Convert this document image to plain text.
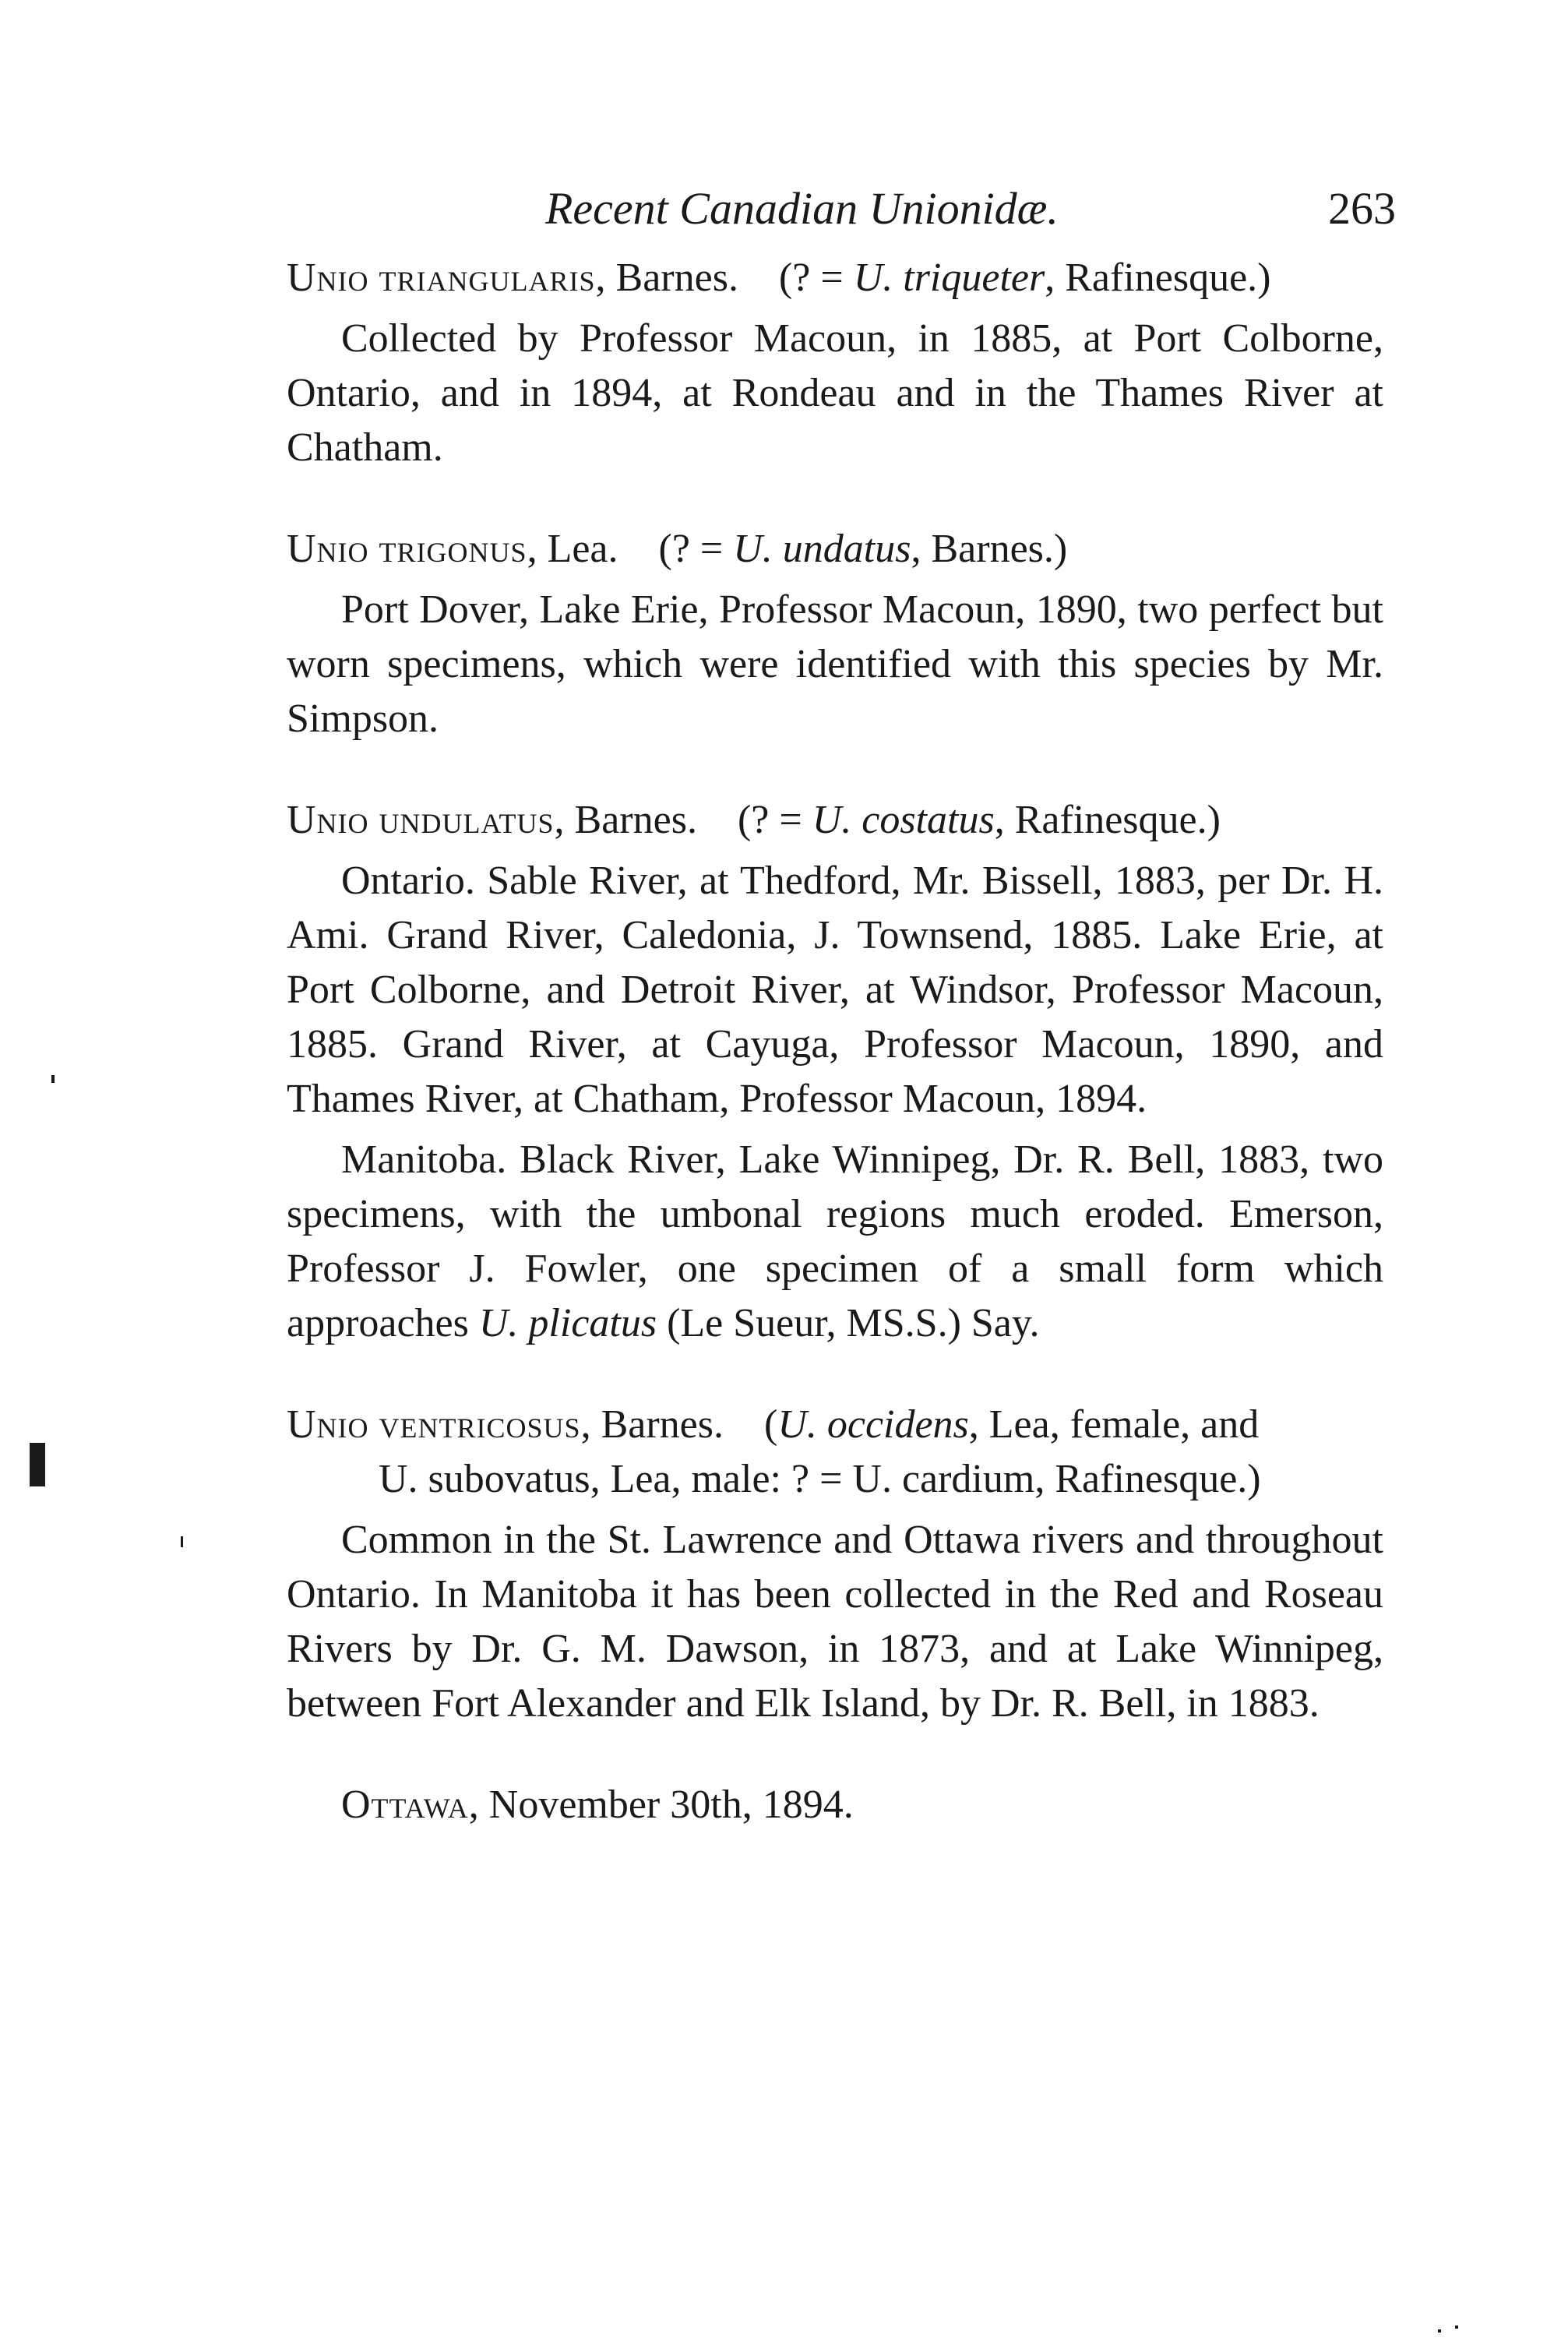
Recent Canadian Unionidæ.	263

Unio triangularis, Barnes. (? = U. triqueter, Rafinesque.)

Collected by Professor Macoun, in 1885, at Port Colborne, Ontario, and in 1894, at Rondeau and in the Thames River at Chatham.

Unio trigonus, Lea. (? = U. undatus, Barnes.)

Port Dover, Lake Erie, Professor Macoun, 1890, two perfect but worn specimens, which were identified with this species by Mr. Simpson.

Unio undulatus, Barnes. (? = U. costatus, Rafinesque.)

Ontario. Sable River, at Thedford, Mr. Bissell, 1883, per Dr. H. Ami. Grand River, Caledonia, J. Townsend, 1885. Lake Erie, at Port Colborne, and Detroit River, at Windsor, Professor Macoun, 1885. Grand River, at Cayuga, Professor Macoun, 1890, and Thames River, at Chatham, Professor Macoun, 1894.

Manitoba. Black River, Lake Winnipeg, Dr. R. Bell, 1883, two specimens, with the umbonal regions much eroded. Emerson, Professor J. Fowler, one specimen of a small form which approaches U. plicatus (Le Sueur, MS.S.) Say.

Unio ventricosus, Barnes. (U. occidens, Lea, female, and

U. subovatus, Lea, male: ? = U. cardium, Rafinesque.)

Common in the St. Lawrence and Ottawa rivers and throughout Ontario. In Manitoba it has been collected in the Red and Roseau Rivers by Dr. G. M. Dawson, in 1873, and at Lake Winnipeg, between Fort Alexander and Elk Island, by Dr. R. Bell, in 1883.

Ottawa, November 30th, 1894.
